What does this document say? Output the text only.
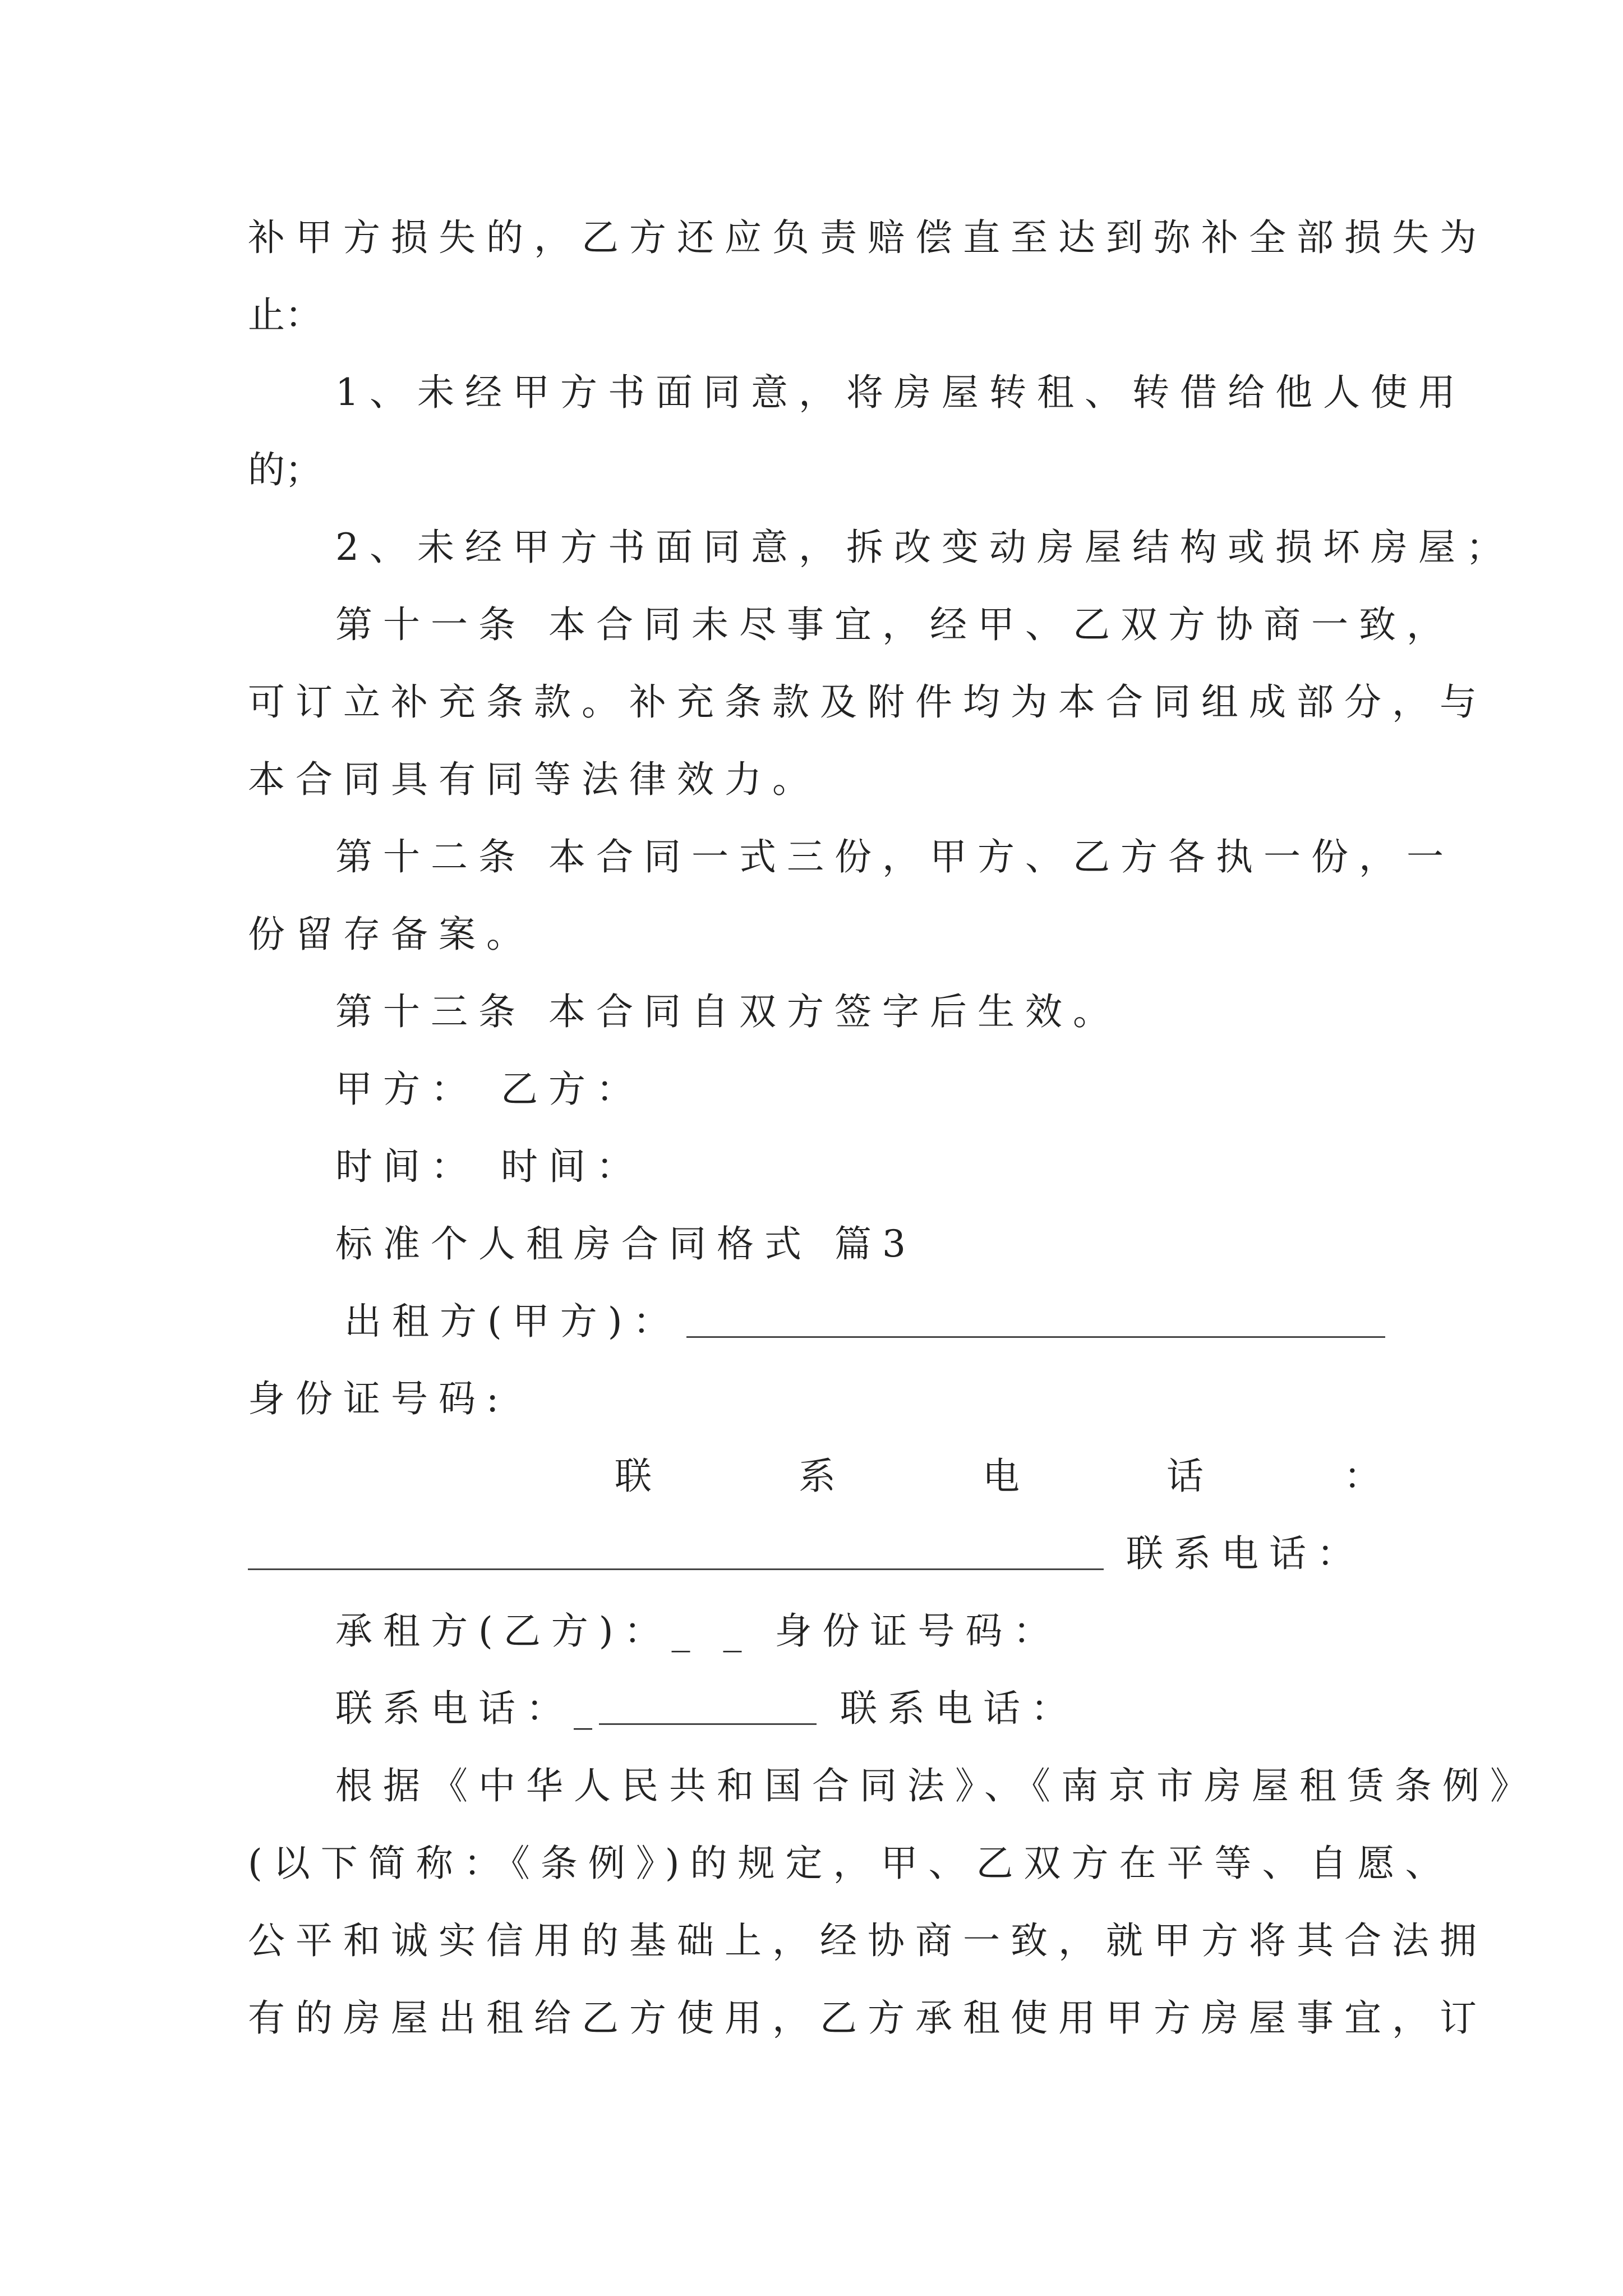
补甲方损失的，乙方还应负责赔偿直至达到弥补全部损失为
止：
1、未经甲方书面同意，将房屋转租、转借给他人使用
的；
2、未经甲方书面同意，拆改变动房屋结构或损坏房屋；
第十一条 本合同未尽事宜，经甲、乙双方协商一致，
可订立补充条款。补充条款及附件均为本合同组成部分，与
本合同具有同等法律效力。
第十二条 本合同一式三份，甲方、乙方各执一份，一
份留存备案。
第十三条 本合同自双方签字后生效。
甲方： 乙方：
时间： 时间：
标准个人租房合同格式 篇3
出租方(甲方)：
身份证号码:
联	系	电	话	：
联系电话：
承租方(乙方)：_ _ 身份证号码：
联系电话：_	联系电话：
根据《中华人民共和国合同法》、《南京市房屋租赁条例》
(以下简称：《条例》)的规定，甲、乙双方在平等、自愿、
公平和诚实信用的基础上，经协商一致，就甲方将其合法拥
有的房屋出租给乙方使用，乙方承租使用甲方房屋事宜，订
